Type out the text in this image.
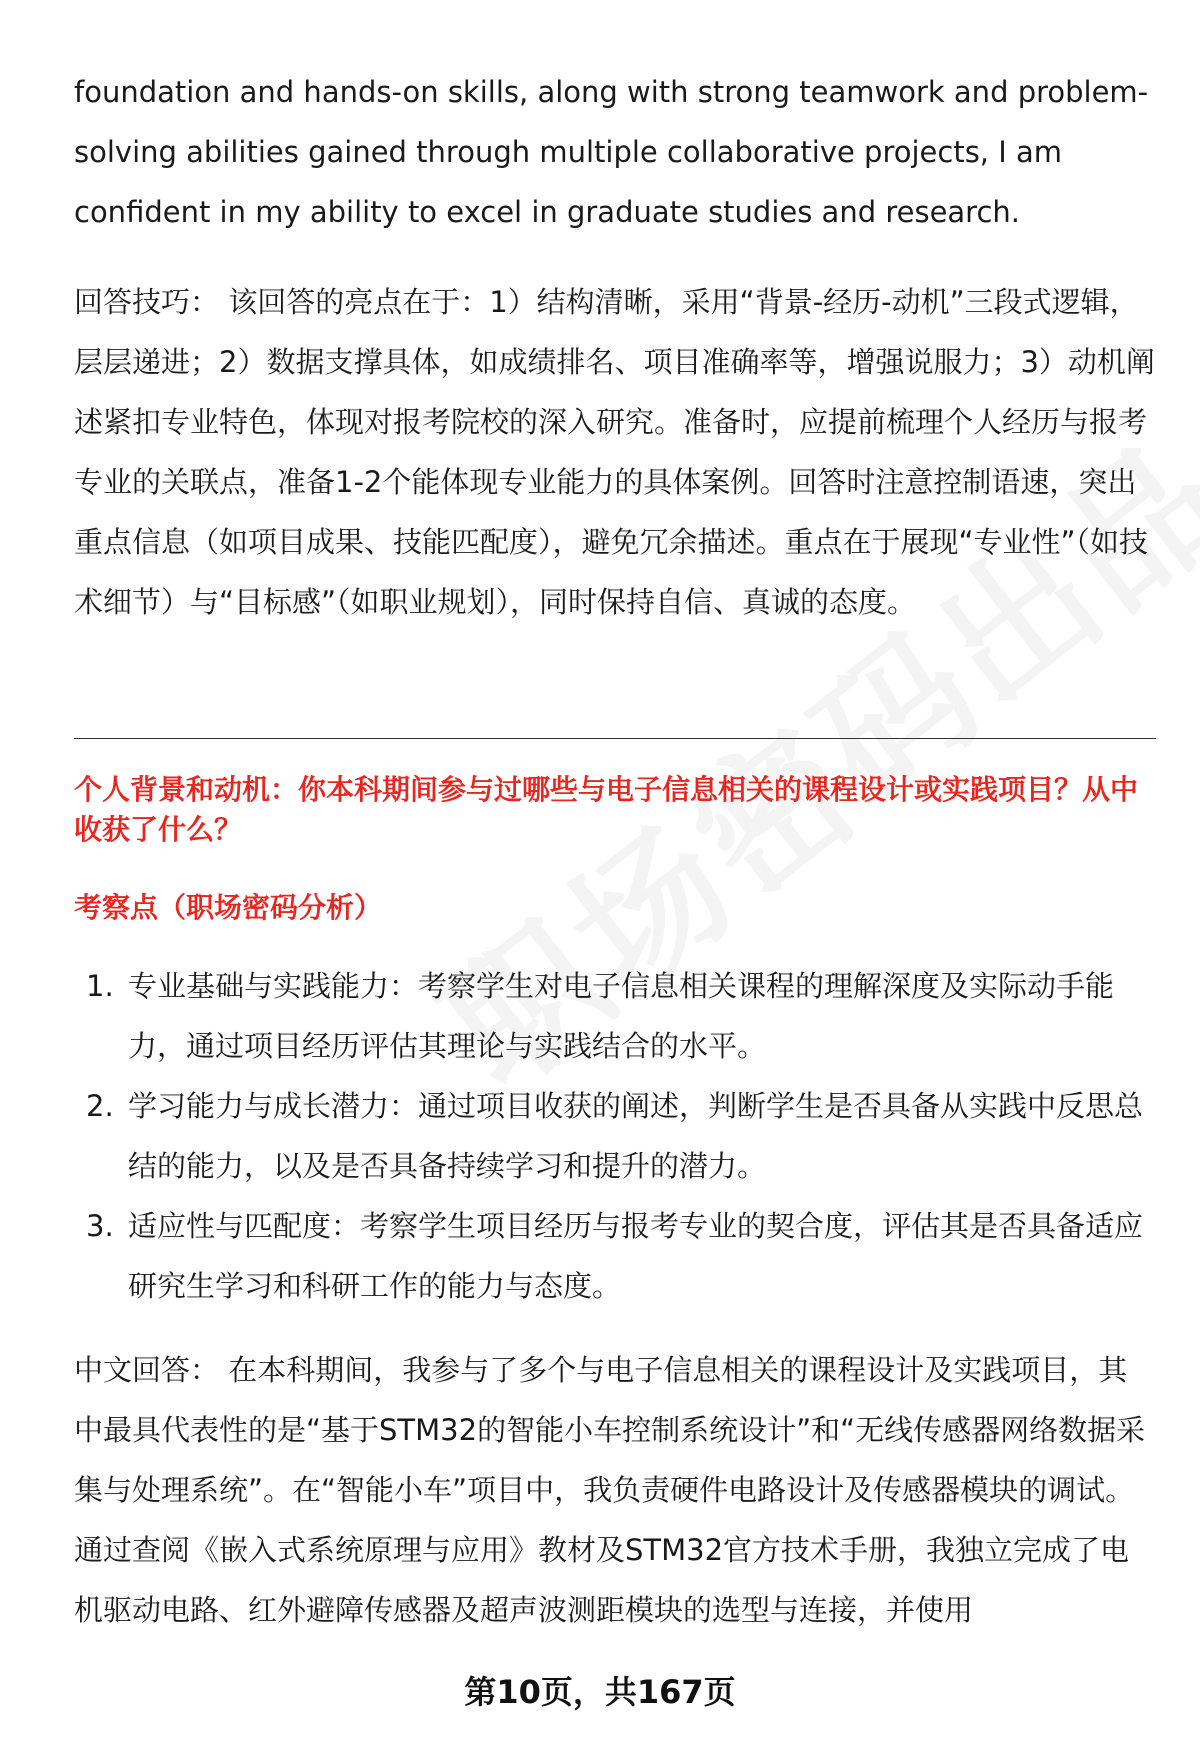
foundation and hands-on skills, along with strong teamwork and problem-solving abilities gained through multiple collaborative projects, I am confident in my ability to excel in graduate studies and research.

回答技巧： 该回答的亮点在于：1）结构清晰，采用“背景-经历-动机”三段式逻辑，层层递进；2）数据支撑具体，如成绩排名、项目准确率等，增强说服力；3）动机阐述紧扣专业特色，体现对报考院校的深入研究。准备时，应提前梳理个人经历与报考专业的关联点，准备1-2个能体现专业能力的具体案例。回答时注意控制语速，突出重点信息（如项目成果、技能匹配度），避免冗余描述。重点在于展现“专业性”（如技术细节）与“目标感”（如职业规划），同时保持自信、真诚的态度。

个人背景和动机：你本科期间参与过哪些与电子信息相关的课程设计或实践项目？从中收获了什么？

考察点（职场密码分析）

1. 专业基础与实践能力：考察学生对电子信息相关课程的理解深度及实际动手能力，通过项目经历评估其理论与实践结合的水平。
2. 学习能力与成长潜力：通过项目收获的阐述，判断学生是否具备从实践中反思总结的能力，以及是否具备持续学习和提升的潜力。
3. 适应性与匹配度：考察学生项目经历与报考专业的契合度，评估其是否具备适应研究生学习和科研工作的能力与态度。

中文回答： 在本科期间，我参与了多个与电子信息相关的课程设计及实践项目，其中最具代表性的是“基于STM32的智能小车控制系统设计”和“无线传感器网络数据采集与处理系统”。在“智能小车”项目中，我负责硬件电路设计及传感器模块的调试。通过查阅《嵌入式系统原理与应用》教材及STM32官方技术手册，我独立完成了电机驱动电路、红外避障传感器及超声波测距模块的选型与连接，并使用

第10页，共167页
